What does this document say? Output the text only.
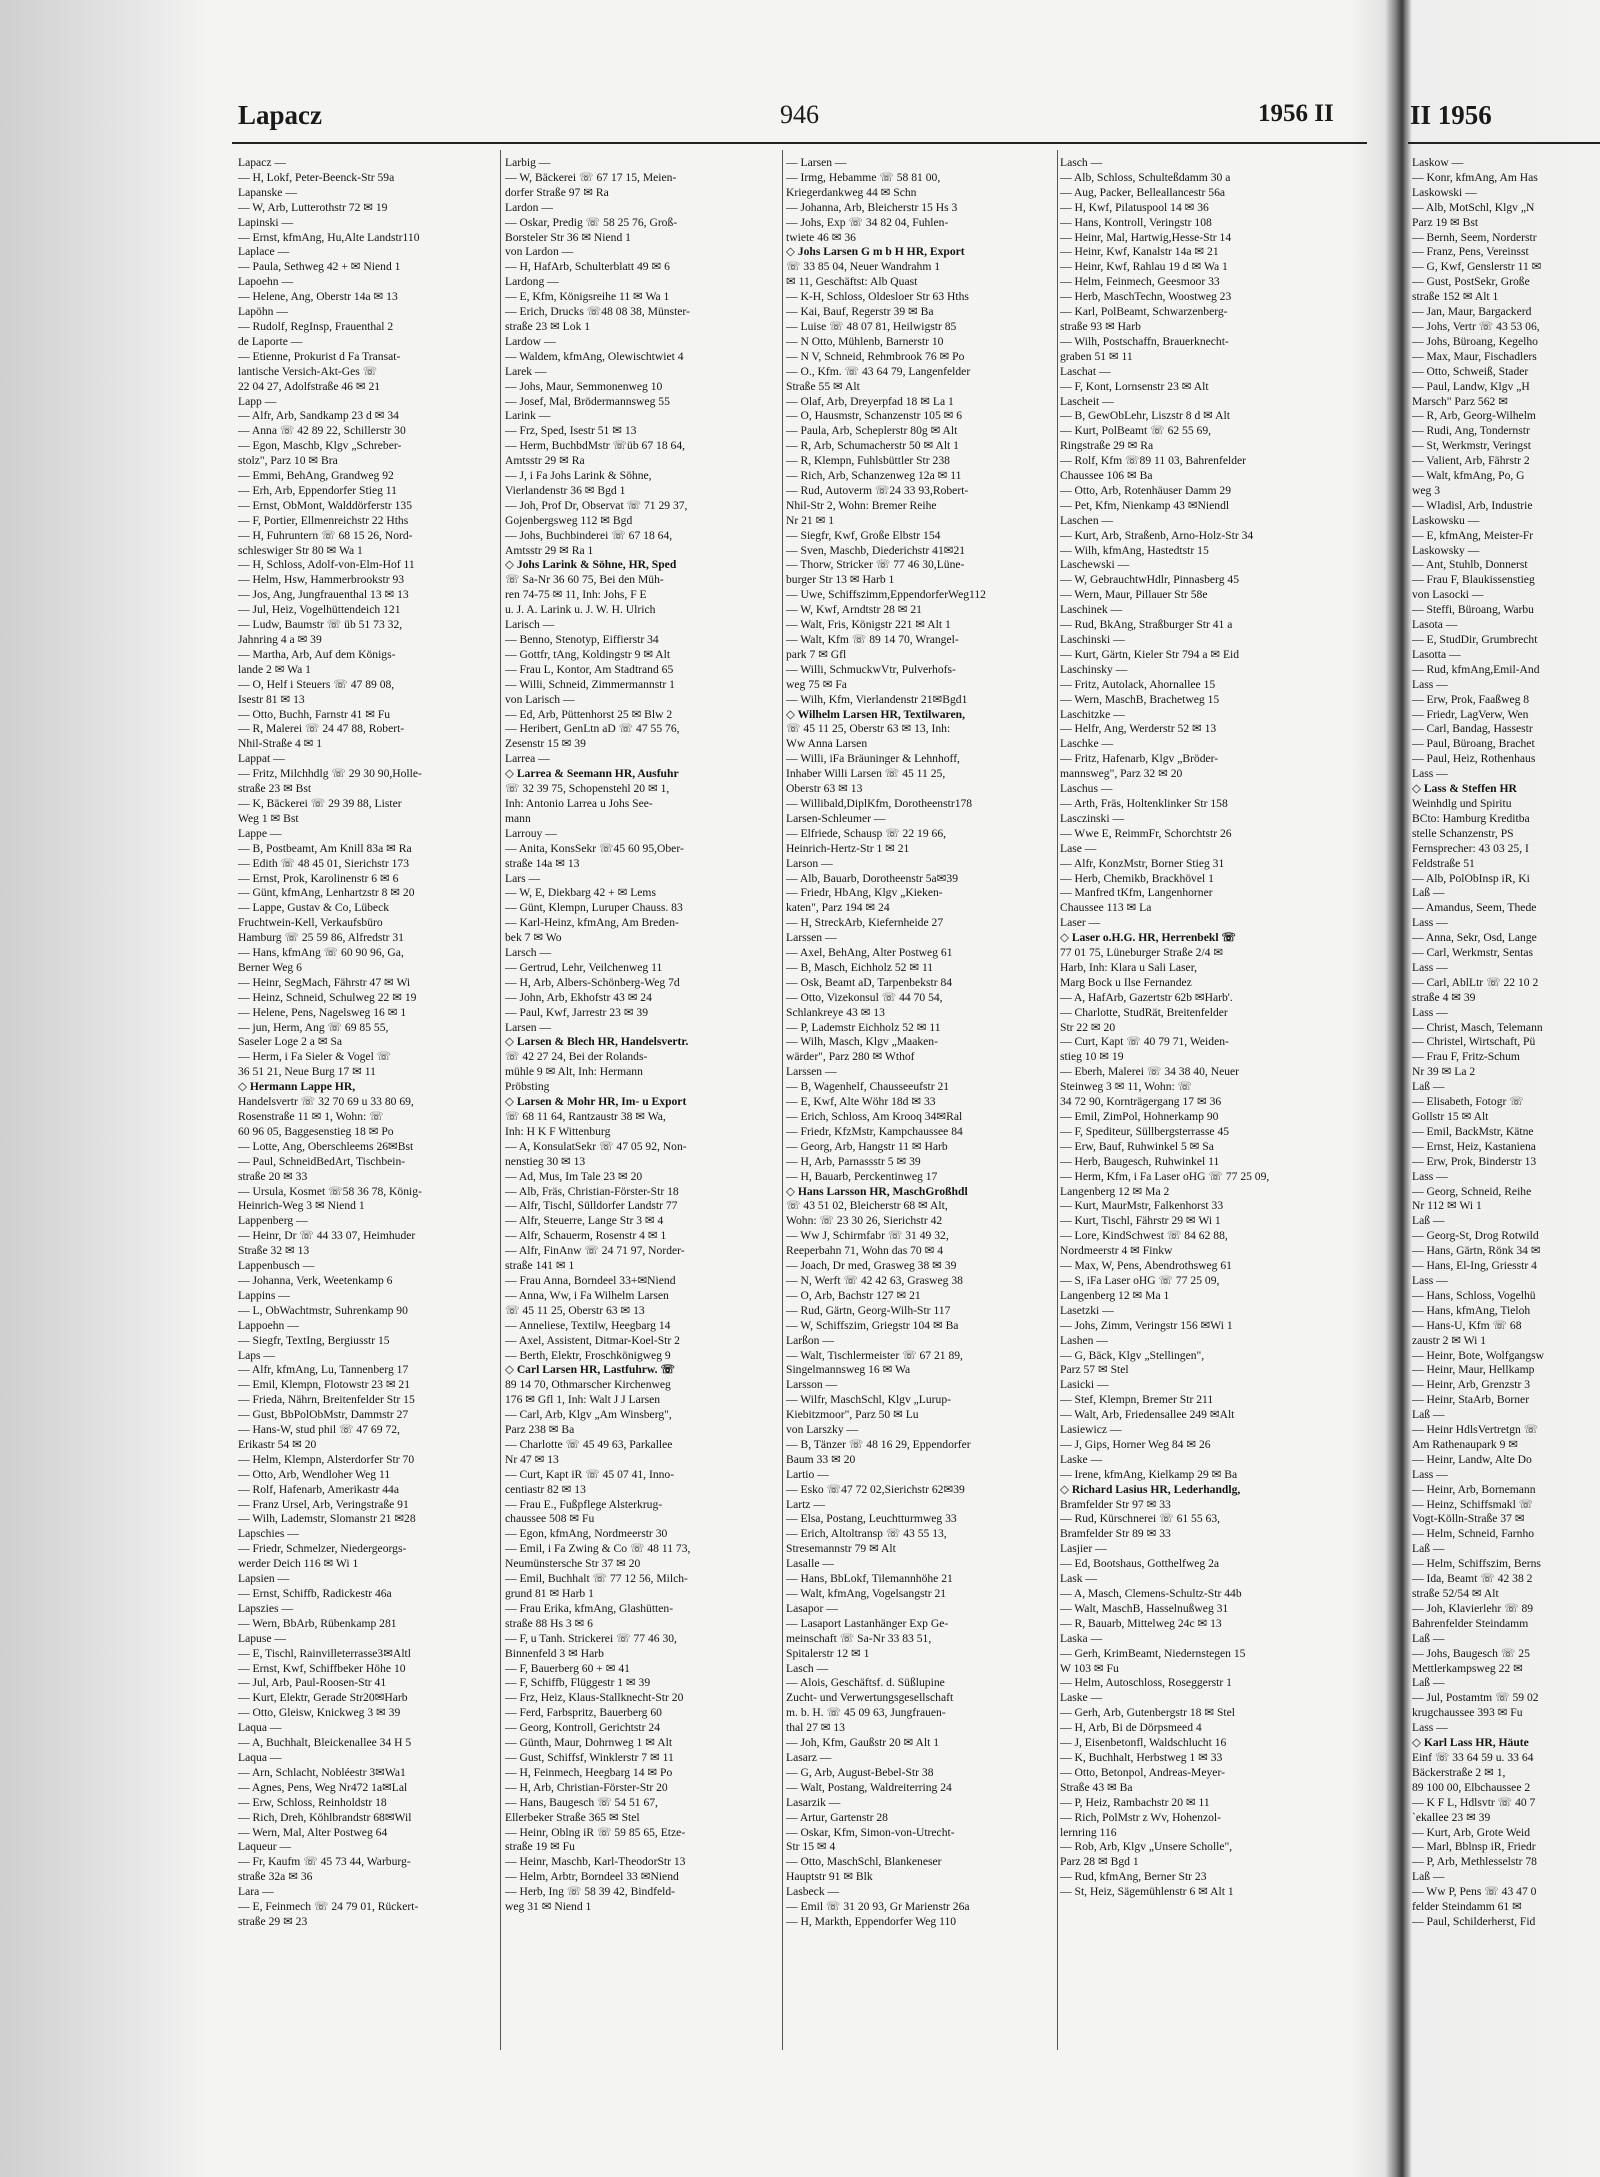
Lapacz	946	1956 II	II 1956
Lapacz —
— H, Lokf, Peter-Beenck-Str 59a
Lapanske —
— W, Arb, Lutterothstr 72 ✉ 19
Lapinski —
— Ernst, kfmAng, Hu,Alte Landstr110
Laplace —
— Paula, Sethweg 42 + ✉ Niend 1
Lapoehn —
— Helene, Ang, Oberstr 14a ✉ 13
Lapöhn —
— Rudolf, RegInsp, Frauenthal 2
de Laporte —
— Etienne, Prokurist d Fa Transat-
lantische Versich-Akt-Ges ☏
22 04 27, Adolfstraße 46 ✉ 21
Lapp —
— Alfr, Arb, Sandkamp 23 d ✉ 34
— Anna ☏ 42 89 22, Schillerstr 30
— Egon, Maschb, Klgv „Schreber-
stolz", Parz 10 ✉ Bra
— Emmi, BehAng, Grandweg 92
— Erh, Arb, Eppendorfer Stieg 11
— Ernst, ObMont, Walddörferstr 135
— F, Portier, Ellmenreichstr 22 Hths
— H, Fuhruntern ☏ 68 15 26, Nord-
schleswiger Str 80 ✉ Wa 1
— H, Schloss, Adolf-von-Elm-Hof 11
— Helm, Hsw, Hammerbrookstr 93
— Jos, Ang, Jungfrauenthal 13 ✉ 13
— Jul, Heiz, Vogelhüttendeich 121
— Ludw, Baumstr ☏ üb 51 73 32,
Jahnring 4 a ✉ 39
— Martha, Arb, Auf dem Königs-
lande 2 ✉ Wa 1
— O, Helf i Steuers ☏ 47 89 08,
Isestr 81 ✉ 13
— Otto, Buchh, Farnstr 41 ✉ Fu
— R, Malerei ☏ 24 47 88, Robert-
Nhil-Straße 4 ✉ 1
Lappat —
— Fritz, Milchhdlg ☏ 29 30 90,Holle-
straße 23 ✉ Bst
— K, Bäckerei ☏ 29 39 88, Lister
Weg 1 ✉ Bst
Lappe —
— B, Postbeamt, Am Knill 83a ✉ Ra
— Edith ☏ 48 45 01, Sierichstr 173
— Ernst, Prok, Karolinenstr 6 ✉ 6
— Günt, kfmAng, Lenhartzstr 8 ✉ 20
— Lappe, Gustav & Co, Lübeck
Fruchtwein-Kell, Verkaufsbüro
Hamburg ☏ 25 59 86, Alfredstr 31
— Hans, kfmAng ☏ 60 90 96, Ga,
Berner Weg 6
— Heinr, SegMach, Fährstr 47 ✉ Wi
— Heinz, Schneid, Schulweg 22 ✉ 19
— Helene, Pens, Nagelsweg 16 ✉ 1
— jun, Herm, Ang ☏ 69 85 55,
Saseler Loge 2 a ✉ Sa
— Herm, i Fa Sieler & Vogel ☏
36 51 21, Neue Burg 17 ✉ 11
◇ Hermann Lappe HR,
Handelsvertr ☏ 32 70 69 u 33 80 69,
Rosenstraße 11 ✉ 1, Wohn: ☏
60 96 05, Baggesenstieg 18 ✉ Po
— Lotte, Ang, Oberschleems 26✉Bst
— Paul, SchneidBedArt, Tischbein-
straße 20 ✉ 33
— Ursula, Kosmet ☏58 36 78, König-
Heinrich-Weg 3 ✉ Niend 1
Lappenberg —
— Heinr, Dr ☏ 44 33 07, Heimhuder
Straße 32 ✉ 13
Lappenbusch —
— Johanna, Verk, Weetenkamp 6
Lappins —
— L, ObWachtmstr, Suhrenkamp 90
Lappoehn —
— Siegfr, TextIng, Bergiusstr 15
Laps —
— Alfr, kfmAng, Lu, Tannenberg 17
— Emil, Klempn, Flotowstr 23 ✉ 21
— Frieda, Nährn, Breitenfelder Str 15
— Gust, BbPolObMstr, Dammstr 27
— Hans-W, stud phil ☏ 47 69 72,
Erikastr 54 ✉ 20
— Helm, Klempn, Alsterdorfer Str 70
— Otto, Arb, Wendloher Weg 11
— Rolf, Hafenarb, Amerikastr 44a
— Franz Ursel, Arb, Veringstraße 91
— Wilh, Lademstr, Slomanstr 21 ✉28
Lapschies —
— Friedr, Schmelzer, Niedergeorgs-
werder Deich 116 ✉ Wi 1
Lapsien —
— Ernst, Schiffb, Radickestr 46a
Lapszies —
— Wern, BbArb, Rübenkamp 281
Lapuse —
— E, Tischl, Rainvilleterrasse3✉Altl
— Ernst, Kwf, Schiffbeker Höhe 10
— Jul, Arb, Paul-Roosen-Str 41
— Kurt, Elektr, Gerade Str20✉Harb
— Otto, Gleisw, Knickweg 3 ✉ 39
Laqua —
— A, Buchhalt, Bleickenallee 34 H 5
Laqua —
— Arn, Schlacht, Nobléestr 3✉Wa1
— Agnes, Pens, Weg Nr472 1a✉Lal
— Erw, Schloss, Reinholdstr 18
— Rich, Dreh, Köhlbrandstr 68✉Wil
— Wern, Mal, Alter Postweg 64
Laqueur —
— Fr, Kaufm ☏ 45 73 44, Warburg-
straße 32a ✉ 36
Lara —
— E, Feinmech ☏ 24 79 01, Rückert-
straße 29 ✉ 23
Larbig —
— W, Bäckerei ☏ 67 17 15, Meien-
dorfer Straße 97 ✉ Ra
Lardon —
— Oskar, Predig ☏ 58 25 76, Groß-
Borsteler Str 36 ✉ Niend 1
von Lardon —
— H, HafArb, Schulterblatt 49 ✉ 6
Lardong —
— E, Kfm, Königsreihe 11 ✉ Wa 1
— Erich, Drucks ☏48 08 38, Münster-
straße 23 ✉ Lok 1
Lardow —
— Waldem, kfmAng, Olewischtwiet 4
Larek —
— Johs, Maur, Semmonenweg 10
— Josef, Mal, Brödermannsweg 55
Larink —
— Frz, Sped, Isestr 51 ✉ 13
— Herm, BuchbdMstr ☏üb 67 18 64,
Amtsstr 29 ✉ Ra
— J, i Fa Johs Larink & Söhne,
Vierlandenstr 36 ✉ Bgd 1
— Joh, Prof Dr, Observat ☏ 71 29 37,
Gojenbergsweg 112 ✉ Bgd
— Johs, Buchbinderei ☏ 67 18 64,
Amtsstr 29 ✉ Ra 1
◇ Johs Larink & Söhne, HR, Sped
☏ Sa-Nr 36 60 75, Bei den Müh-
ren 74-75 ✉ 11, Inh: Johs, F E
u. J. A. Larink u. J. W. H. Ulrich
Larisch —
— Benno, Stenotyp, Eiffierstr 34
— Gottfr, tAng, Koldingstr 9 ✉ Alt
— Frau L, Kontor, Am Stadtrand 65
— Willi, Schneid, Zimmermannstr 1
von Larisch —
— Ed, Arb, Püttenhorst 25 ✉ Blw 2
— Heribert, GenLtn aD ☏ 47 55 76,
Zesenstr 15 ✉ 39
Larrea —
◇ Larrea & Seemann HR, Ausfuhr
☏ 32 39 75, Schopenstehl 20 ✉ 1,
Inh: Antonio Larrea u Johs See-
mann
Larrouy —
— Anita, KonsSekr ☏45 60 95,Ober-
straße 14a ✉ 13
Lars —
— W, E, Diekbarg 42 + ✉ Lems
— Günt, Klempn, Luruper Chauss. 83
— Karl-Heinz, kfmAng, Am Breden-
bek 7 ✉ Wo
Larsch —
— Gertrud, Lehr, Veilchenweg 11
— H, Arb, Albers-Schönberg-Weg 7d
— John, Arb, Ekhofstr 43 ✉ 24
— Paul, Kwf, Jarrestr 23 ✉ 39
Larsen —
◇ Larsen & Blech HR, Handelsvertr.
☏ 42 27 24, Bei der Rolands-
mühle 9 ✉ Alt, Inh: Hermann
Pröbsting
◇ Larsen & Mohr HR, Im- u Export
☏ 68 11 64, Rantzaustr 38 ✉ Wa,
Inh: H K F Wittenburg
— A, KonsulatSekr ☏ 47 05 92, Non-
nenstieg 30 ✉ 13
— Ad, Mus, Im Tale 23 ✉ 20
— Alb, Fräs, Christian-Förster-Str 18
— Alfr, Tischl, Sülldorfer Landstr 77
— Alfr, Steuerre, Lange Str 3 ✉ 4
— Alfr, Schauerm, Rosenstr 4 ✉ 1
— Alfr, FinAnw ☏ 24 71 97, Norder-
straße 141 ✉ 1
— Frau Anna, Borndeel 33+✉Niend
— Anna, Ww, i Fa Wilhelm Larsen
☏ 45 11 25, Oberstr 63 ✉ 13
— Anneliese, Textilw, Heegbarg 14
— Axel, Assistent, Ditmar-Koel-Str 2
— Berth, Elektr, Froschkönigweg 9
◇ Carl Larsen HR, Lastfuhrw. ☏
89 14 70, Othmarscher Kirchenweg
176 ✉ Gfl 1, Inh: Walt J J Larsen
— Carl, Arb, Klgv „Am Winsberg",
Parz 238 ✉ Ba
— Charlotte ☏ 45 49 63, Parkallee
Nr 47 ✉ 13
— Curt, Kapt iR ☏ 45 07 41, Inno-
centiastr 82 ✉ 13
— Frau E., Fußpflege Alsterkrug-
chaussee 508 ✉ Fu
— Egon, kfmAng, Nordmeerstr 30
— Emil, i Fa Zwing & Co ☏ 48 11 73,
Neumünstersche Str 37 ✉ 20
— Emil, Buchhalt ☏ 77 12 56, Milch-
grund 81 ✉ Harb 1
— Frau Erika, kfmAng, Glashütten-
straße 88 Hs 3 ✉ 6
— F, u Tanh. Strickerei ☏ 77 46 30,
Binnenfeld 3 ✉ Harb
— F, Bauerberg 60 + ✉ 41
— F, Schiffb, Flüggestr 1 ✉ 39
— Frz, Heiz, Klaus-Stallknecht-Str 20
— Ferd, Farbspritz, Bauerberg 60
— Georg, Kontroll, Gerichtstr 24
— Günth, Maur, Dohrnweg 1 ✉ Alt
— Gust, Schiffsf, Winklerstr 7 ✉ 11
— H, Feinmech, Heegbarg 14 ✉ Po
— H, Arb, Christian-Förster-Str 20
— Hans, Baugesch ☏ 54 51 67,
Ellerbeker Straße 365 ✉ Stel
— Heinr, Oblng iR ☏ 59 85 65, Etze-
straße 19 ✉ Fu
— Heinr, Maschb, Karl-TheodorStr 13
— Helm, Arbtr, Borndeel 33 ✉Niend
— Herb, Ing ☏ 58 39 42, Bindfeld-
weg 31 ✉ Niend 1
— Larsen —
— Irmg, Hebamme ☏ 58 81 00,
Kriegerdankweg 44 ✉ Schn
— Johanna, Arb, Bleicherstr 15 Hs 3
— Johs, Exp ☏ 34 82 04, Fuhlen-
twiete 46 ✉ 36
◇ Johs Larsen G m b H HR, Export
☏ 33 85 04, Neuer Wandrahm 1
✉ 11, Geschäftst: Alb Quast
— K-H, Schloss, Oldesloer Str 63 Hths
— Kai, Bauf, Regerstr 39 ✉ Ba
— Luise ☏ 48 07 81, Heilwigstr 85
— N Otto, Mühlenb, Barnerstr 10
— N V, Schneid, Rehmbrook 76 ✉ Po
— O., Kfm. ☏ 43 64 79, Langenfelder
Straße 55 ✉ Alt
— Olaf, Arb, Dreyerpfad 18 ✉ La 1
— O, Hausmstr, Schanzenstr 105 ✉ 6
— Paula, Arb, Scheplerstr 80g ✉ Alt
— R, Arb, Schumacherstr 50 ✉ Alt 1
— R, Klempn, Fuhlsbüttler Str 238
— Rich, Arb, Schanzenweg 12a ✉ 11
— Rud, Autoverm ☏24 33 93,Robert-
Nhil-Str 2, Wohn: Bremer Reihe
Nr 21 ✉ 1
— Siegfr, Kwf, Große Elbstr 154
— Sven, Maschb, Diederichstr 41✉21
— Thorw, Stricker ☏ 77 46 30,Lüne-
burger Str 13 ✉ Harb 1
— Uwe, Schiffszimm,EppendorferWeg112
— W, Kwf, Arndtstr 28 ✉ 21
— Walt, Fris, Königstr 221 ✉ Alt 1
— Walt, Kfm ☏ 89 14 70, Wrangel-
park 7 ✉ Gfl
— Willi, SchmuckwVtr, Pulverhofs-
weg 75 ✉ Fa
— Wilh, Kfm, Vierlandenstr 21✉Bgd1
◇ Wilhelm Larsen HR, Textilwaren,
☏ 45 11 25, Oberstr 63 ✉ 13, Inh:
Ww Anna Larsen
— Willi, iFa Bräuninger & Lehnhoff,
Inhaber Willi Larsen ☏ 45 11 25,
Oberstr 63 ✉ 13
— Willibald,DiplKfm, Dorotheenstr178
Larsen-Schleumer —
— Elfriede, Schausp ☏ 22 19 66,
Heinrich-Hertz-Str 1 ✉ 21
Larson —
— Alb, Bauarb, Dorotheenstr 5a✉39
— Friedr, HbAng, Klgv „Kieken-
katen", Parz 194 ✉ 24
— H, StreckArb, Kiefernheide 27
Larssen —
— Axel, BehAng, Alter Postweg 61
— B, Masch, Eichholz 52 ✉ 11
— Osk, Beamt aD, Tarpenbekstr 84
— Otto, Vizekonsul ☏ 44 70 54,
Schlankreye 43 ✉ 13
— P, Lademstr Eichholz 52 ✉ 11
— Wilh, Masch, Klgv „Maaken-
wärder", Parz 280 ✉ Wthof
Larssen —
— B, Wagenhelf, Chausseeufstr 21
— E, Kwf, Alte Wöhr 18d ✉ 33
— Erich, Schloss, Am Krooq 34✉Ral
— Friedr, KfzMstr, Kampchaussee 84
— Georg, Arb, Hangstr 11 ✉ Harb
— H, Arb, Parnassstr 5 ✉ 39
— H, Bauarb, Perckentinweg 17
◇ Hans Larsson HR, MaschGroßhdl
☏ 43 51 02, Bleicherstr 68 ✉ Alt,
Wohn: ☏ 23 30 26, Sierichstr 42
— Ww J, Schirmfabr ☏ 31 49 32,
Reeperbahn 71, Wohn das 70 ✉ 4
— Joach, Dr med, Grasweg 38 ✉ 39
— N, Werft ☏ 42 42 63, Grasweg 38
— O, Arb, Bachstr 127 ✉ 21
— Rud, Gärtn, Georg-Wilh-Str 117
— W, Schiffszim, Griegstr 104 ✉ Ba
Larßon —
— Walt, Tischlermeister ☏ 67 21 89,
Singelmannsweg 16 ✉ Wa
Larsson —
— Wilfr, MaschSchl, Klgv „Lurup-
Kiebitzmoor", Parz 50 ✉ Lu
von Larszky —
— B, Tänzer ☏ 48 16 29, Eppendorfer
Baum 33 ✉ 20
Lartio —
— Esko ☏47 72 02,Sierichstr 62✉39
Lartz —
— Elsa, Postang, Leuchtturmweg 33
— Erich, Altoltransp ☏ 43 55 13,
Stresemannstr 79 ✉ Alt
Lasalle —
— Hans, BbLokf, Tilemannhöhe 21
— Walt, kfmAng, Vogelsangstr 21
Lasapor —
— Lasaport Lastanhänger Exp Ge-
meinschaft ☏ Sa-Nr 33 83 51,
Spitalerstr 12 ✉ 1
Lasch —
— Alois, Geschäftsf. d. Süßlupine
Zucht- und Verwertungsgesellschaft
m. b. H. ☏ 45 09 63, Jungfrauen-
thal 27 ✉ 13
— Joh, Kfm, Gaußstr 20 ✉ Alt 1
Lasarz —
— G, Arb, August-Bebel-Str 38
— Walt, Postang, Waldreiterring 24
Lasarzik —
— Artur, Gartenstr 28
— Oskar, Kfm, Simon-von-Utrecht-
Str 15 ✉ 4
— Otto, MaschSchl, Blankeneser
Hauptstr 91 ✉ Blk
Lasbeck —
— Emil ☏ 31 20 93, Gr Marienstr 26a
— H, Markth, Eppendorfer Weg 110
Lasch —
— Alb, Schloss, Schulteßdamm 30 a
— Aug, Packer, Belleallancestr 56a
— H, Kwf, Pilatuspool 14 ✉ 36
— Hans, Kontroll, Veringstr 108
— Heinr, Mal, Hartwig,Hesse-Str 14
— Heinr, Kwf, Kanalstr 14a ✉ 21
— Heinr, Kwf, Rahlau 19 d ✉ Wa 1
— Helm, Feinmech, Geesmoor 33
— Herb, MaschTechn, Woostweg 23
— Karl, PolBeamt, Schwarzenberg-
straße 93 ✉ Harb
— Wilh, Postschaffn, Brauerknecht-
graben 51 ✉ 11
Laschat —
— F, Kont, Lornsenstr 23 ✉ Alt
Lascheit —
— B, GewObLehr, Liszstr 8 d ✉ Alt
— Kurt, PolBeamt ☏ 62 55 69,
Ringstraße 29 ✉ Ra
— Rolf, Kfm ☏89 11 03, Bahrenfelder
Chaussee 106 ✉ Ba
— Otto, Arb, Rotenhäuser Damm 29
— Pet, Kfm, Nienkamp 43 ✉Niendl
Laschen —
— Kurt, Arb, Straßenb, Arno-Holz-Str 34
— Wilh, kfmAng, Hastedtstr 15
Laschewski —
— W, GebrauchtwHdlr, Pinnasberg 45
— Wern, Maur, Pillauer Str 58e
Laschinek —
— Rud, BkAng, Straßburger Str 41 a
Laschinski —
— Kurt, Gärtn, Kieler Str 794 a ✉ Eid
Laschinsky —
— Fritz, Autolack, Ahornallee 15
— Wern, MaschB, Brachetweg 15
Laschitzke —
— Helfr, Ang, Werderstr 52 ✉ 13
Laschke —
— Fritz, Hafenarb, Klgv „Bröder-
mannsweg", Parz 32 ✉ 20
Laschus —
— Arth, Fräs, Holtenklinker Str 158
Lasczinski —
— Wwe E, ReimmFr, Schorchtstr 26
Lase —
— Alfr, KonzMstr, Borner Stieg 31
— Herb, Chemikb, Brackhövel 1
— Manfred tKfm, Langenhorner
Chaussee 113 ✉ La
Laser —
◇ Laser o.H.G. HR, Herrenbekl ☏
77 01 75, Lüneburger Straße 2/4 ✉
Harb, Inh: Klara u Sali Laser,
Marg Bock u Ilse Fernandez
— A, HafArb, Gazertstr 62b ✉Harb'.
— Charlotte, StudRät, Breitenfelder
Str 22 ✉ 20
— Curt, Kapt ☏ 40 79 71, Weiden-
stieg 10 ✉ 19
— Eberh, Malerei ☏ 34 38 40, Neuer
Steinweg 3 ✉ 11, Wohn: ☏
34 72 90, Kornträgergang 17 ✉ 36
— Emil, ZimPol, Hohnerkamp 90
— F, Spediteur, Süllbergsterrasse 45
— Erw, Bauf, Ruhwinkel 5 ✉ Sa
— Herb, Baugesch, Ruhwinkel 11
— Herm, Kfm, i Fa Laser oHG ☏ 77 25 09,
Langenberg 12 ✉ Ma 2
— Kurt, MaurMstr, Falkenhorst 33
— Kurt, Tischl, Fährstr 29 ✉ Wi 1
— Lore, KindSchwest ☏ 84 62 88,
Nordmeerstr 4 ✉ Finkw
— Max, W, Pens, Abendrothsweg 61
— S, iFa Laser oHG ☏ 77 25 09,
Langenberg 12 ✉ Ma 1
Lasetzki —
— Johs, Zimm, Veringstr 156 ✉Wi 1
Lashen —
— G, Bäck, Klgv „Stellingen",
Parz 57 ✉ Stel
Lasicki —
— Stef, Klempn, Bremer Str 211
— Walt, Arb, Friedensallee 249 ✉Alt
Lasiewicz —
— J, Gips, Horner Weg 84 ✉ 26
Laske —
— Irene, kfmAng, Kielkamp 29 ✉ Ba
◇ Richard Lasius HR, Lederhandlg,
Bramfelder Str 97 ✉ 33
— Rud, Kürschnerei ☏ 61 55 63,
Bramfelder Str 89 ✉ 33
Lasjier —
— Ed, Bootshaus, Gotthelfweg 2a
Lask —
— A, Masch, Clemens-Schultz-Str 44b
— Walt, MaschB, Hasselnußweg 31
— R, Bauarb, Mittelweg 24c ✉ 13
Laska —
— Gerh, KrimBeamt, Niedernstegen 15
W 103 ✉ Fu
— Helm, Autoschloss, Roseggerstr 1
Laske —
— Gerh, Arb, Gutenbergstr 18 ✉ Stel
— H, Arb, Bi de Dörpsmeed 4
— J, Eisenbetonfl, Waldschlucht 16
— K, Buchhalt, Herbstweg 1 ✉ 33
— Otto, Betonpol, Andreas-Meyer-
Straße 43 ✉ Ba
— P, Heiz, Rambachstr 20 ✉ 11
— Rich, PolMstr z Wv, Hohenzol-
lernring 116
— Rob, Arb, Klgv „Unsere Scholle",
Parz 28 ✉ Bgd 1
— Rud, kfmAng, Berner Str 23
— St, Heiz, Sägemühlenstr 6 ✉ Alt 1
Laskow —
— Konr, kfmAng, Am Has
Laskowski —
— Alb, MotSchl, Klgv „N
Parz 19 ✉ Bst
— Bernh, Seem, Norderstr
— Franz, Pens, Vereinsst
— G, Kwf, Genslerstr 11 ✉
— Gust, PostSekr, Große
straße 152 ✉ Alt 1
— Jan, Maur, Bargackerd
— Johs, Vertr ☏ 43 53 06,
— Johs, Büroang, Kegelho
— Max, Maur, Fischadlers
— Otto, Schweiß, Stader
— Paul, Landw, Klgv „H
Marsch" Parz 562 ✉
— R, Arb, Georg-Wilhelm
— Rudi, Ang, Tondernstr
— St, Werkmstr, Veringst
— Valient, Arb, Fährstr 2
— Walt, kfmAng, Po, G
weg 3
— Wladisl, Arb, Industrie
Laskowsku —
— E, kfmAng, Meister-Fr
Laskowsky —
— Ant, Stuhlb, Donnerst
— Frau F, Blaukissenstieg
von Lasocki —
— Steffi, Büroang, Warbu
Lasota —
— E, StudDir, Grumbrecht
Lasotta —
— Rud, kfmAng,Emil-And
Lass —
— Erw, Prok, Faaßweg 8
— Friedr, LagVerw, Wen
— Carl, Bandag, Hassestr
— Paul, Büroang, Brachet
— Paul, Heiz, Rothenhaus
Lass —
◇ Lass & Steffen HR
Weinhdlg und Spiritu
BCto: Hamburg Kreditba
stelle Schanzenstr, PS
Fernsprecher: 43 03 25, I
Feldstraße 51
— Alb, PolObInsp iR, Ki
Laß —
— Amandus, Seem, Thede
Lass —
— Anna, Sekr, Osd, Lange
— Carl, Werkmstr, Sentas
Lass —
— Carl, AblLtr ☏ 22 10 2
straße 4 ✉ 39
Lass —
— Christ, Masch, Telemann
— Christel, Wirtschaft, Pü
— Frau F, Fritz-Schum
Nr 39 ✉ La 2
Laß —
— Elisabeth, Fotogr ☏
Gollstr 15 ✉ Alt
— Emil, BackMstr, Kätne
— Ernst, Heiz, Kastaniena
— Erw, Prok, Binderstr 13
Lass —
— Georg, Schneid, Reihe
Nr 112 ✉ Wi 1
Laß —
— Georg-St, Drog Rotwild
— Hans, Gärtn, Rönk 34 ✉
— Hans, El-Ing, Griesstr 4
Lass —
— Hans, Schloss, Vogelhü
— Hans, kfmAng, Tieloh
— Hans-U, Kfm ☏ 68
zaustr 2 ✉ Wi 1
— Heinr, Bote, Wolfgangsw
— Heinr, Maur, Hellkamp
— Heinr, Arb, Grenzstr 3
— Heinr, StaArb, Borner
Laß —
— Heinr HdlsVertretgn ☏
Am Rathenaupark 9 ✉
— Heinr, Landw, Alte Do
Lass —
— Heinr, Arb, Bornemann
— Heinz, Schiffsmakl ☏
Vogt-Kölln-Straße 37 ✉
— Helm, Schneid, Farnho
Laß —
— Helm, Schiffszim, Berns
— Ida, Beamt ☏ 42 38 2
straße 52/54 ✉ Alt
— Joh, Klavierlehr ☏ 89
Bahrenfelder Steindamm
Laß —
— Johs, Baugesch ☏ 25
Mettlerkampsweg 22 ✉
Laß —
— Jul, Postamtm ☏ 59 02
krugchaussee 393 ✉ Fu
Lass —
◇ Karl Lass HR, Häute
Einf ☏ 33 64 59 u. 33 64
Bäckerstraße 2 ✉ 1,
89 100 00, Elbchaussee 2
— K F L, Hdlsvtr ☏ 40 7
`ekallee 23 ✉ 39
— Kurt, Arb, Grote Weid
— Marl, Bblnsp iR, Friedr
— P, Arb, Methlesselstr 78
Laß —
— Ww P, Pens ☏ 43 47 0
felder Steindamm 61 ✉
— Paul, Schilderherst, Fid
